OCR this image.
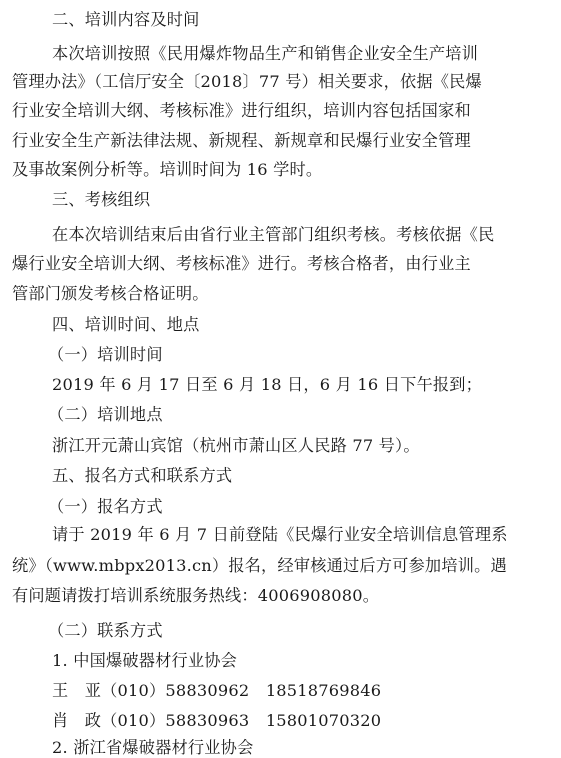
二、培训内容及时间
本次培训按照《民用爆炸物品生产和销售企业安全生产培训
管理办法》（工信厅安全〔2018〕77 号）相关要求，依据《民爆
行业安全培训大纲、考核标准》进行组织，培训内容包括国家和
行业安全生产新法律法规、新规程、新规章和民爆行业安全管理
及事故案例分析等。培训时间为 16 学时。
三、考核组织
在本次培训结束后由省行业主管部门组织考核。考核依据《民
爆行业安全培训大纲、考核标准》进行。考核合格者，由行业主
管部门颁发考核合格证明。
四、培训时间、地点
（一）培训时间
2019 年 6 月 17 日至 6 月 18 日，6 月 16 日下午报到；
（二）培训地点
浙江开元萧山宾馆（杭州市萧山区人民路 77 号）。
五、报名方式和联系方式
（一）报名方式
请于 2019 年 6 月 7 日前登陆《民爆行业安全培训信息管理系
统》（www.mbpx2013.cn）报名，经审核通过后方可参加培训。遇
有问题请拨打培训系统服务热线：4006908080。
（二）联系方式
1. 中国爆破器材行业协会
王　亚（010）58830962　18518769846
肖　政（010）58830963　15801070320
2. 浙江省爆破器材行业协会
